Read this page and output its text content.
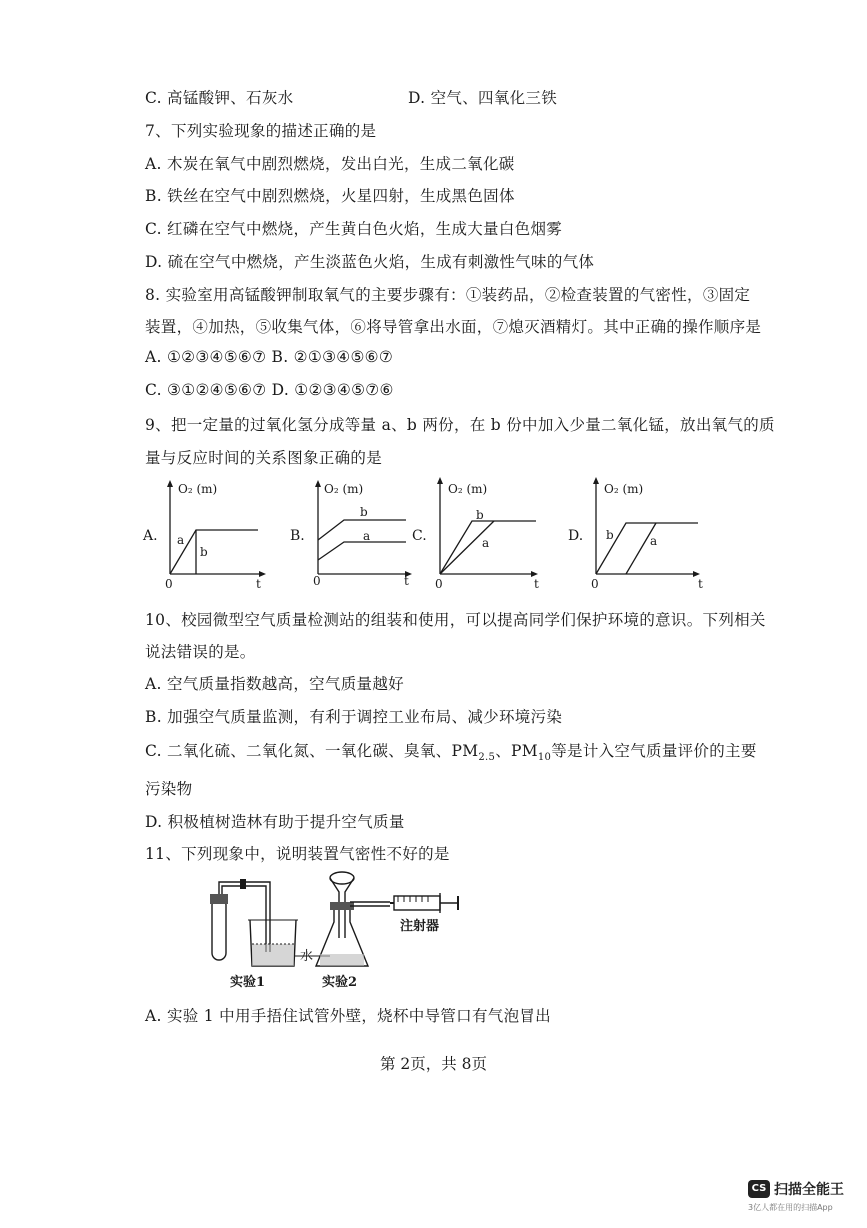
C. 高锰酸钾、石灰水	D. 空气、四氧化三铁
7、下列实验现象的描述正确的是
A. 木炭在氧气中剧烈燃烧，发出白光，生成二氧化碳
B. 铁丝在空气中剧烈燃烧，火星四射，生成黑色固体
C. 红磷在空气中燃烧，产生黄白色火焰，生成大量白色烟雾
D. 硫在空气中燃烧，产生淡蓝色火焰，生成有刺激性气味的气体
8. 实验室用高锰酸钾制取氧气的主要步骤有：①装药品，②检查装置的气密性，③固定
装置，④加热，⑤收集气体，⑥将导管拿出水面，⑦熄灭酒精灯。其中正确的操作顺序是
A. ①②③④⑤⑥⑦ B. ②①③④⑤⑥⑦
C. ③①②④⑤⑥⑦ D. ①②③④⑤⑦⑥
9、把一定量的过氧化氢分成等量 a、b 两份，在 b 份中加入少量二氧化锰，放出氧气的质
量与反应时间的关系图象正确的是
A.
O₂ (m)
t
0
a
b
B.
O₂ (m)
t
0
a
b
C.
O₂ (m)
t
0
a
b
D.
O₂ (m)
t
0
a
b
10、校园微型空气质量检测站的组装和使用，可以提高同学们保护环境的意识。下列相关
说法错误的是。
A. 空气质量指数越高，空气质量越好
B. 加强空气质量监测，有利于调控工业布局、减少环境污染
C. 二氧化硫、二氧化氮、一氧化碳、臭氧、$PM_{2.5}$、$PM_{10}$等是计入空气质量评价的主要
污染物
D. 积极植树造林有助于提升空气质量
11、下列现象中，说明装置气密性不好的是
水
注射器
实验1	实验2
A. 实验 1 中用手捂住试管外壁，烧杯中导管口有气泡冒出
第 2页，共 8页
CS 扫描全能王
3亿人都在用的扫描App
